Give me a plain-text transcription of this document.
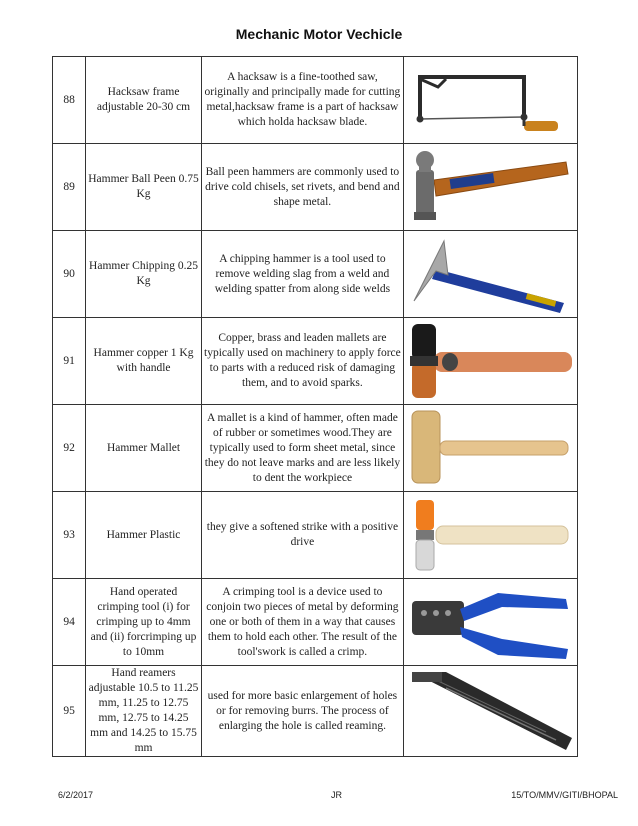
Mechanic Motor Vechicle
88	Hacksaw frame adjustable 20-30 cm	A hacksaw is a fine-toothed saw, originally and principally made for cutting metal,hacksaw frame is a part of hacksaw which holda hacksaw blade.	

89	Hammer Ball Peen 0.75 Kg	Ball peen hammers are commonly used to drive cold chisels, set rivets, and bend and shape metal.	

90	Hammer Chipping 0.25 Kg	A chipping hammer is a tool used to remove welding slag from a weld and welding spatter from along side welds	

91	Hammer copper 1 Kg with handle	Copper, brass and leaden mallets are typically used on machinery to apply force to parts with a reduced risk of damaging them, and to avoid sparks.	

92	Hammer Mallet	A mallet is a kind of hammer, often made of rubber or sometimes wood.They are typically used to form sheet metal, since they do not leave marks and are less likely to dent the workpiece	

93	Hammer Plastic	they give a softened strike with a positive drive	

94	Hand operated crimping tool (i) for crimping up to 4mm and (ii) forcrimping up to 10mm	A crimping tool is a device used to conjoin two pieces of metal by deforming one or both of them in a way that causes them to hold each other. The result of the tool'swork is called a crimp.	

95	Hand reamers adjustable 10.5 to 11.25 mm, 11.25 to 12.75 mm, 12.75 to 14.25 mm and 14.25 to 15.75 mm	used for more basic enlargement of holes or for removing burrs. The process of enlarging the hole is called reaming.	
6/2/2017	JR	15/TO/MMV/GITI/BHOPAL
